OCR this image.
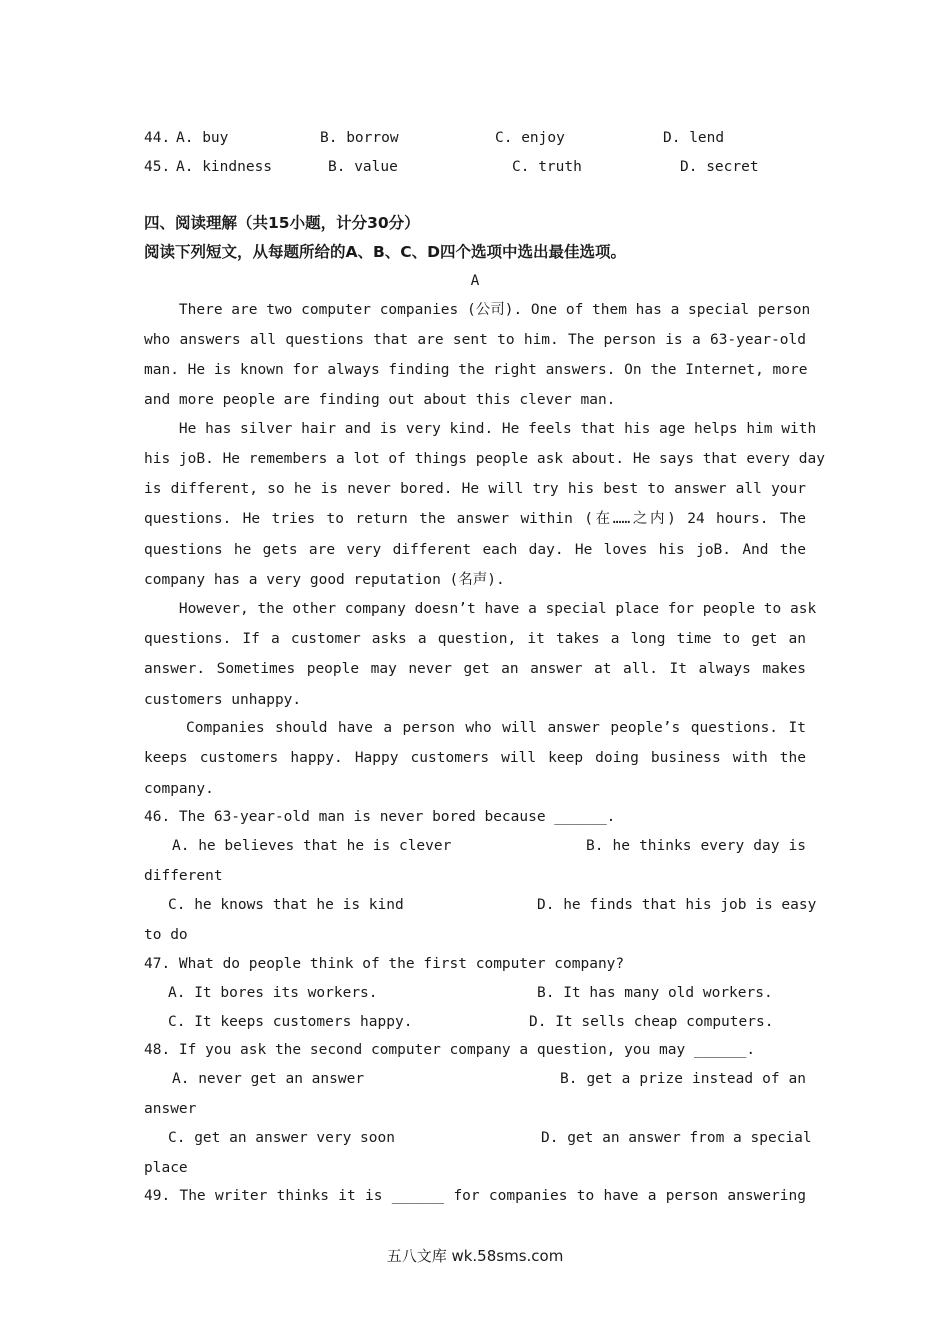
44. A. buy	B. borrow	C. enjoy	D. lend
45. A. kindness	B. value	C. truth	D. secret
四、阅读理解（共15小题，计分30分）
阅读下列短文，从每题所给的A、B、C、D四个选项中选出最佳选项。
A
There are two computer companies (公司). One of them has a special person
who answers all questions that are sent to him. The person is a 63-year-old
man. He is known for always finding the right answers. On the Internet, more
and more people are finding out about this clever man.
He has silver hair and is very kind. He feels that his age helps him with
his joB. He remembers a lot of things people ask about. He says that every day
is different, so he is never bored. He will try his best to answer all your
questions. He tries to return the answer within (在……之内) 24 hours. The
questions he gets are very different each day. He loves his joB. And the
company has a very good reputation (名声).
However, the other company doesn’t have a special place for people to ask
questions. If a customer asks a question, it takes a long time to get an
answer. Sometimes people may never get an answer at all. It always makes
customers unhappy.
Companies should have a person who will answer people’s questions. It
keeps customers happy. Happy customers will keep doing business with the
company.
46. The 63-year-old man is never bored because ______.
A. he believes that he is clever	B. he thinks every day is
different
C. he knows that he is kind	D. he finds that his job is easy
to do
47. What do people think of the first computer company?
A. It bores its workers.	B. It has many old workers.
C. It keeps customers happy.	D. It sells cheap computers.
48. If you ask the second computer company a question, you may ______.
A. never get an answer	B. get a prize instead of an
answer
C. get an answer very soon	D. get an answer from a special
place
49. The writer thinks it is ______ for companies to have a person answering
五八文库 wk.58sms.com
